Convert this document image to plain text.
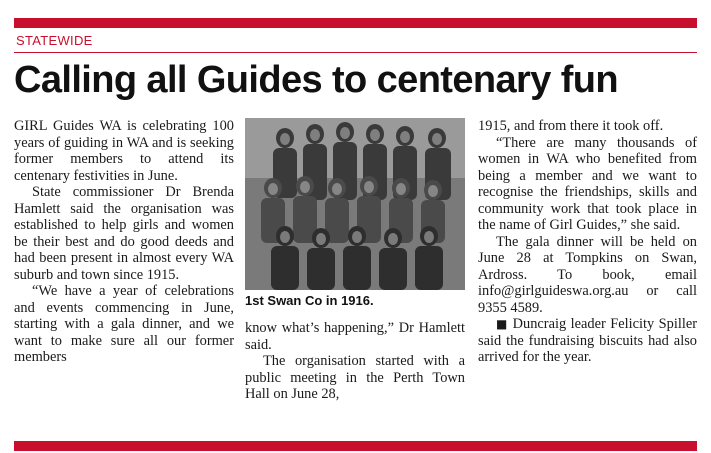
STATEWIDE
Calling all Guides to centenary fun

GIRL Guides WA is celebrating 100 years of guiding in WA and is seeking former members to attend its centenary festivities in June.

State commissioner Dr Brenda Hamlett said the organisation was established to help girls and women be their best and do good deeds and had been present in almost every WA suburb and town since 1915.

“We have a year of celebrations and events commencing in June, starting with a gala dinner, and we want to make sure all our former members

1st Swan Co in 1916.

know what’s happening,” Dr Hamlett said.

The organisation started with a public meeting in the Perth Town Hall on June 28,

1915, and from there it took off.

“There are many thousands of women in WA who benefited from being a member and we want to recognise the friendships, skills and community work that took place in the name of Girl Guides,” she said.

The gala dinner will be held on June 28 at Tompkins on Swan, Ardross. To book, email info@girlguideswa.org.au or call 9355 4589.

■ Duncraig leader Felicity Spiller said the fundraising biscuits had also arrived for the year.
